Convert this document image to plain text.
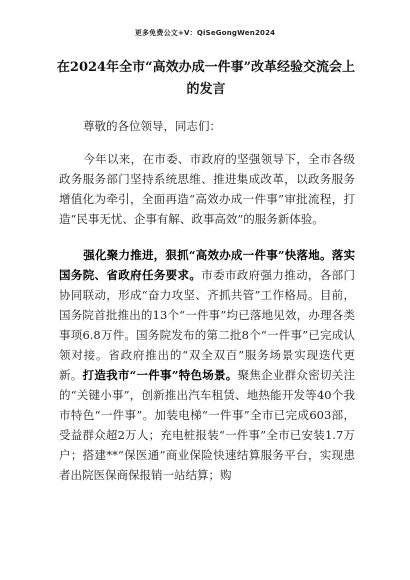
更多免费公文+V：QiSeGongWen2024
在2024年全市“高效办成一件事”改革经验交流会上的发言
尊敬的各位领导，同志们：

今年以来，在市委、市政府的坚强领导下，全市各级政务服务部门坚持系统思维、推进集成改革，以政务服务增值化为牵引，全面再造“高效办成一件事”审批流程，打造“民事无忧、企事有解、政事高效”的服务新体验。

强化聚力推进，狠抓“高效办成一件事”快落地。落实国务院、省政府任务要求。市委市政府强力推动，各部门协同联动，形成“奋力攻坚、齐抓共管”工作格局。目前，国务院首批推出的13个“一件事”均已落地见效，办理各类事项6.8万件。国务院发布的第二批8个“一件事”已完成认领对接。省政府推出的“双全双百”服务场景实现迭代更新。打造我市“一件事”特色场景。聚焦企业群众密切关注的“关键小事”，创新推出汽车租赁、地热能开发等40个我市特色“一件事”。加装电梯“一件事”全市已完成603部，受益群众超2万人；充电桩报装“一件事”全市已安装1.7万户；搭建**“保医通”商业保险快速结算服务平台，实现患者出院医保商保报销一站结算；购
